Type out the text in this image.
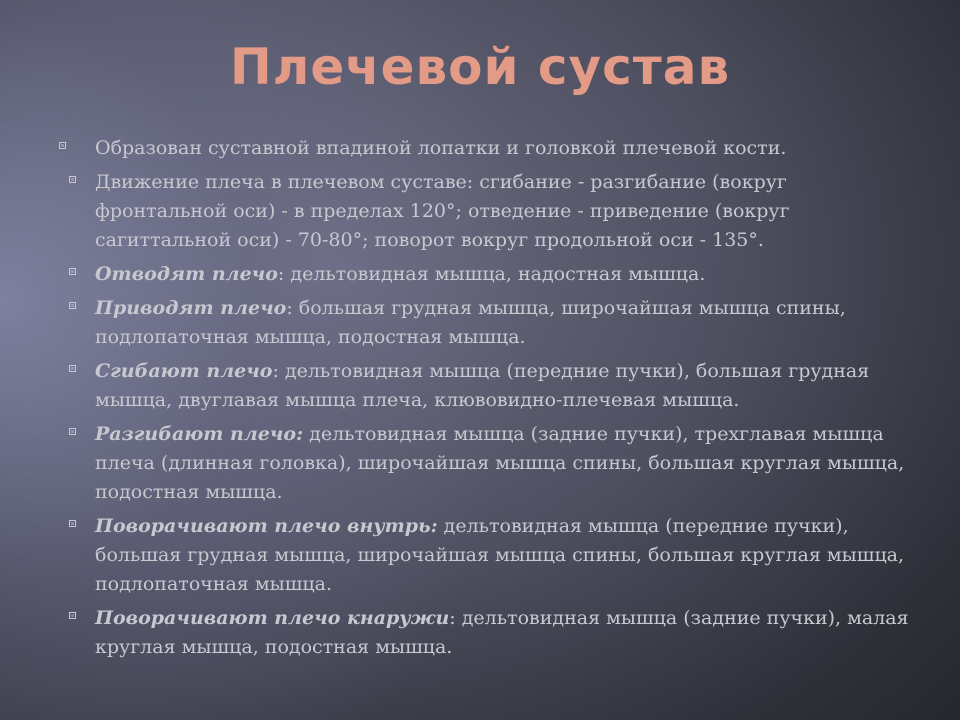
Плечевой сустав
Образован суставной впадиной лопатки и головкой плечевой кости.
Движение плеча в плечевом суставе: сгибание - разгибание (вокруг фронтальной оси) - в пределах 120°; отведение - приведение (вокруг сагиттальной оси) - 70-80°; поворот вокруг продольной оси - 135°.
Отводят плечо: дельтовидная мышца, надостная мышца.
Приводят плечо: большая грудная мышца, широчайшая мышца спины, подлопаточная мышца, подостная мышца.
Сгибают плечо: дельтовидная мышца (передние пучки), большая грудная мышца, двуглавая мышца плеча, клювовидно-плечевая мышца.
Разгибают плечо: дельтовидная мышца (задние пучки), трехглавая мышца плеча (длинная головка), широчайшая мышца спины, большая круглая мышца, подостная мышца.
Поворачивают плечо внутрь: дельтовидная мышца (передние пучки), большая грудная мышца, широчайшая мышца спины, большая круглая мышца, подлопаточная мышца.
Поворачивают плечо кнаружи: дельтовидная мышца (задние пучки), малая круглая мышца, подостная мышца.
